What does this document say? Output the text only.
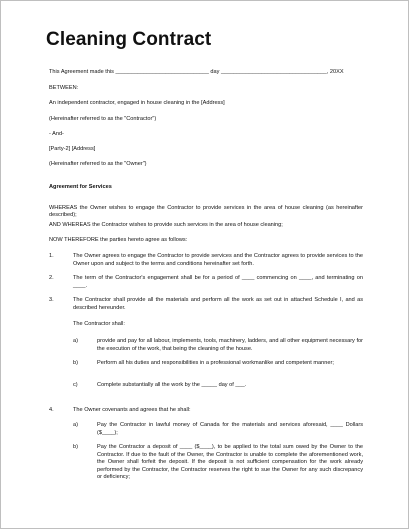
Cleaning Contract

This Agreement made this ______________________________ day __________________________________, 20XX

BETWEEN:

An independent contractor, engaged in house cleaning in the [Address]

(Hereinafter referred to as the "Contractor")

- And-

[Party-2] [Address]

(Hereinafter referred to as the "Owner")

Agreement for Services

WHEREAS the Owner wishes to engage the Contractor to provide services in the area of house cleaning (as hereinafter described);

AND WHEREAS the Contractor wishes to provide such services in the area of house cleaning;

NOW THEREFORE the parties hereto agree as follows:

1.	The Owner agrees to engage the Contractor to provide services and the Contractor agrees to provide services to the Owner upon and subject to the terms and conditions hereinafter set forth.

2.	The term of the Contractor's engagement shall be for a period of ____ commencing on ____, and terminating on ____.

3.	The Contractor shall provide all the materials and perform all the work as set out in attached Schedule I, and as described hereunder.

The Contractor shall:

a)	provide and pay for all labour, implements, tools, machinery, ladders, and all other equipment necessary for the execution of the work, that being the cleaning of the house.

b)	Perform all his duties and responsibilities in a professional workmanlike and competent manner;

c)	Complete substantially all the work by the _____ day of ___.

4.	The Owner covenants and agrees that he shall:

a)	Pay the Contractor in lawful money of Canada for the materials and services aforesaid, ____ Dollars ($____);

b)	Pay the Contractor a deposit of ____ ($____), to be applied to the total sum owed by the Owner to the Contractor. If due to the fault of the Owner, the Contractor is unable to complete the aforementioned work, the Owner shall forfeit the deposit. If the deposit is not sufficient compensation for the work already performed by the Contractor, the Contractor reserves the right to sue the Owner for any such discrepancy or deficiency;
